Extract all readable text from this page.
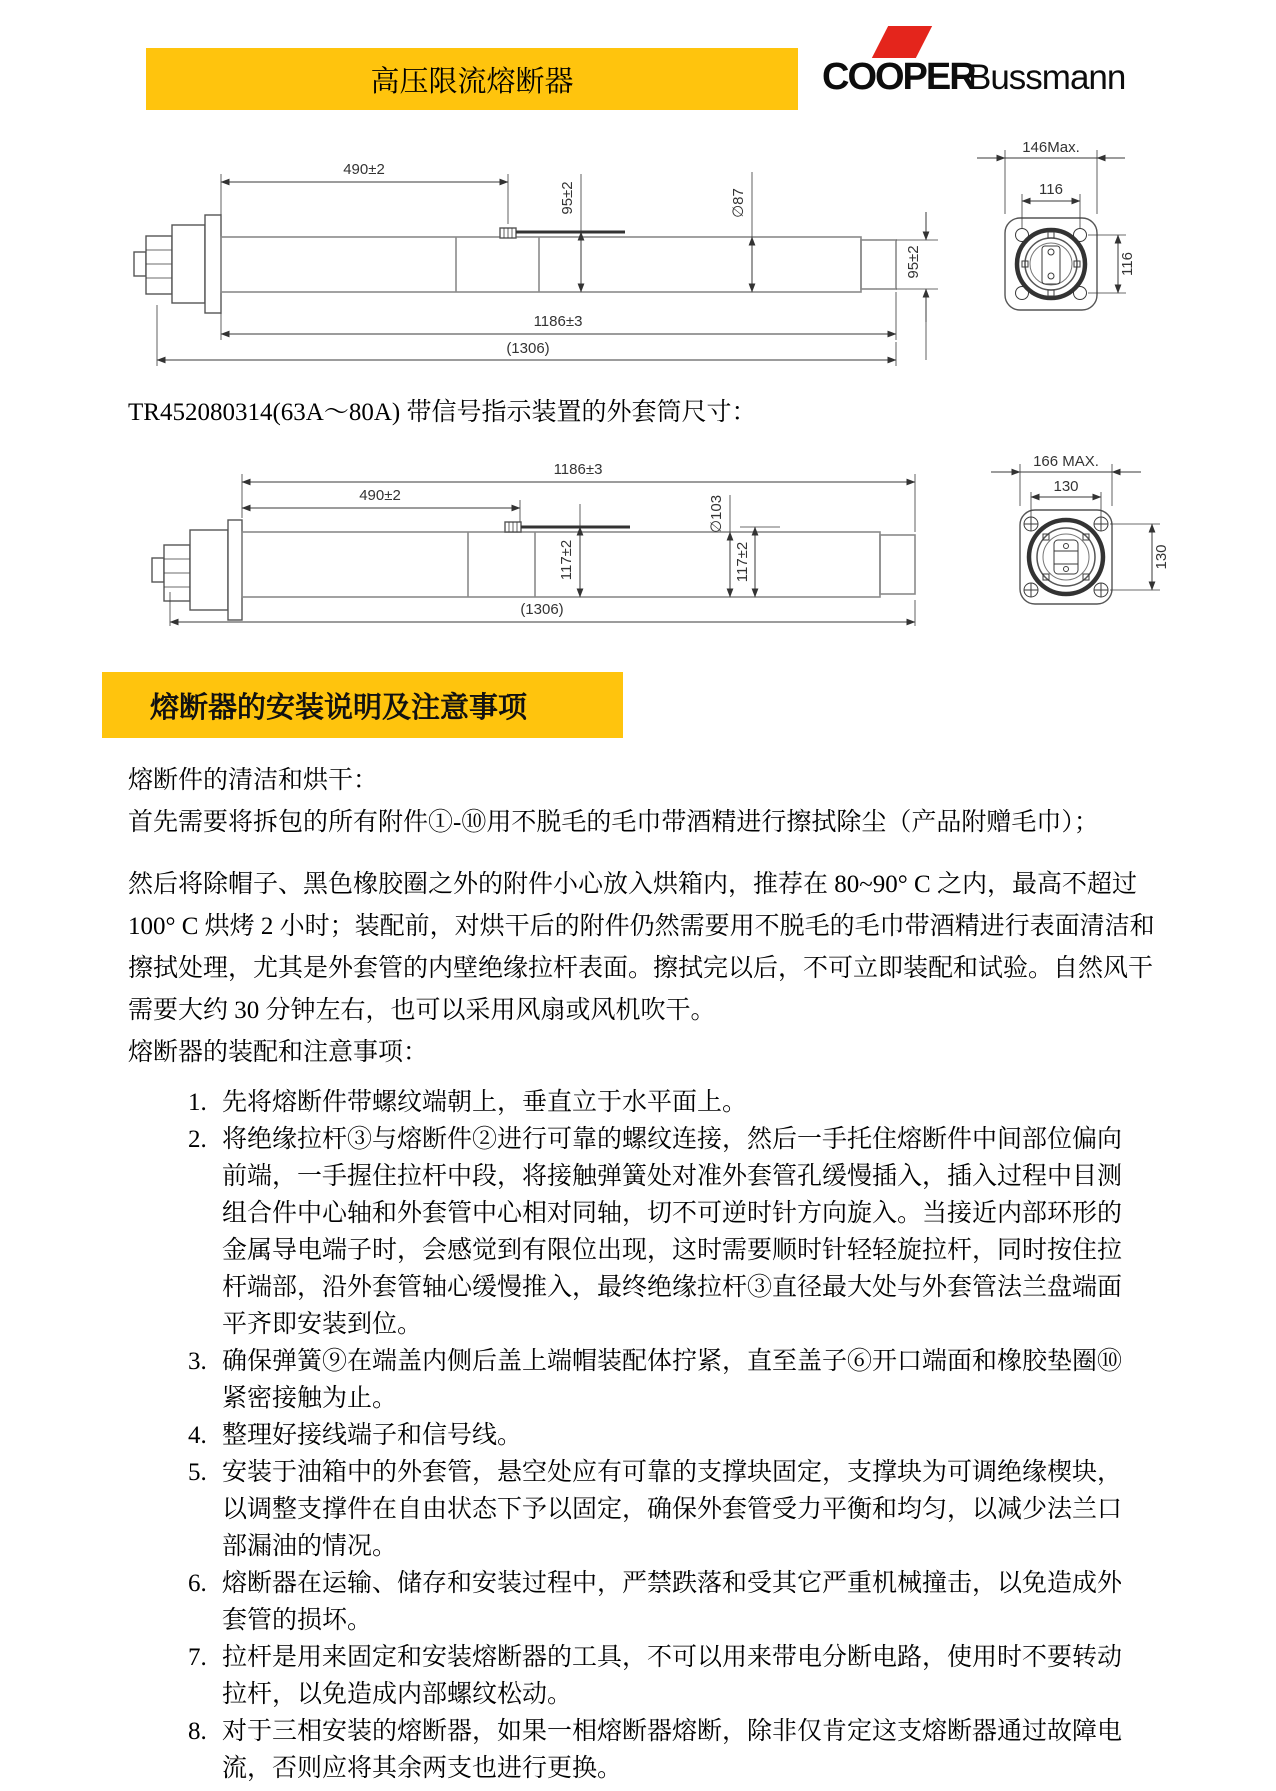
高压限流熔断器	COOPER
Bussmann
490±2
95±2	∅87
95±2
1186±3
(1306)
146Max.
116
116
TR452080314(63A～80A) 带信号指示装置的外套筒尺寸：
1186±3
490±2
117±2
∅103
117±2
(1306)
166 MAX.
130
130
熔断器的安装说明及注意事项

熔断件的清洁和烘干：

首先需要将拆包的所有附件①-⑩用不脱毛的毛巾带酒精进行擦拭除尘（产品附赠毛巾）；

然后将除帽子、黑色橡胶圈之外的附件小心放入烘箱内，推荐在 80~90° C 之内，最高不超过 100° C 烘烤 2 小时；装配前，对烘干后的附件仍然需要用不脱毛的毛巾带酒精进行表面清洁和擦拭处理，尤其是外套管的内壁绝缘拉杆表面。擦拭完以后，不可立即装配和试验。自然风干需要大约 30 分钟左右，也可以采用风扇或风机吹干。

熔断器的装配和注意事项：

先将熔断件带螺纹端朝上，垂直立于水平面上。
将绝缘拉杆③与熔断件②进行可靠的螺纹连接，然后一手托住熔断件中间部位偏向前端，一手握住拉杆中段，将接触弹簧处对准外套管孔缓慢插入，插入过程中目测组合件中心轴和外套管中心相对同轴，切不可逆时针方向旋入。当接近内部环形的金属导电端子时，会感觉到有限位出现，这时需要顺时针轻轻旋拉杆，同时按住拉杆端部，沿外套管轴心缓慢推入，最终绝缘拉杆③直径最大处与外套管法兰盘端面平齐即安装到位。
确保弹簧⑨在端盖内侧后盖上端帽装配体拧紧，直至盖子⑥开口端面和橡胶垫圈⑩紧密接触为止。
整理好接线端子和信号线。
安装于油箱中的外套管，悬空处应有可靠的支撑块固定，支撑块为可调绝缘楔块，以调整支撑件在自由状态下予以固定，确保外套管受力平衡和均匀，以减少法兰口部漏油的情况。
熔断器在运输、储存和安装过程中，严禁跌落和受其它严重机械撞击，以免造成外套管的损坏。
拉杆是用来固定和安装熔断器的工具，不可以用来带电分断电路，使用时不要转动拉杆，以免造成内部螺纹松动。
对于三相安装的熔断器，如果一相熔断器熔断，除非仅肯定这支熔断器通过故障电流，否则应将其余两支也进行更换。
